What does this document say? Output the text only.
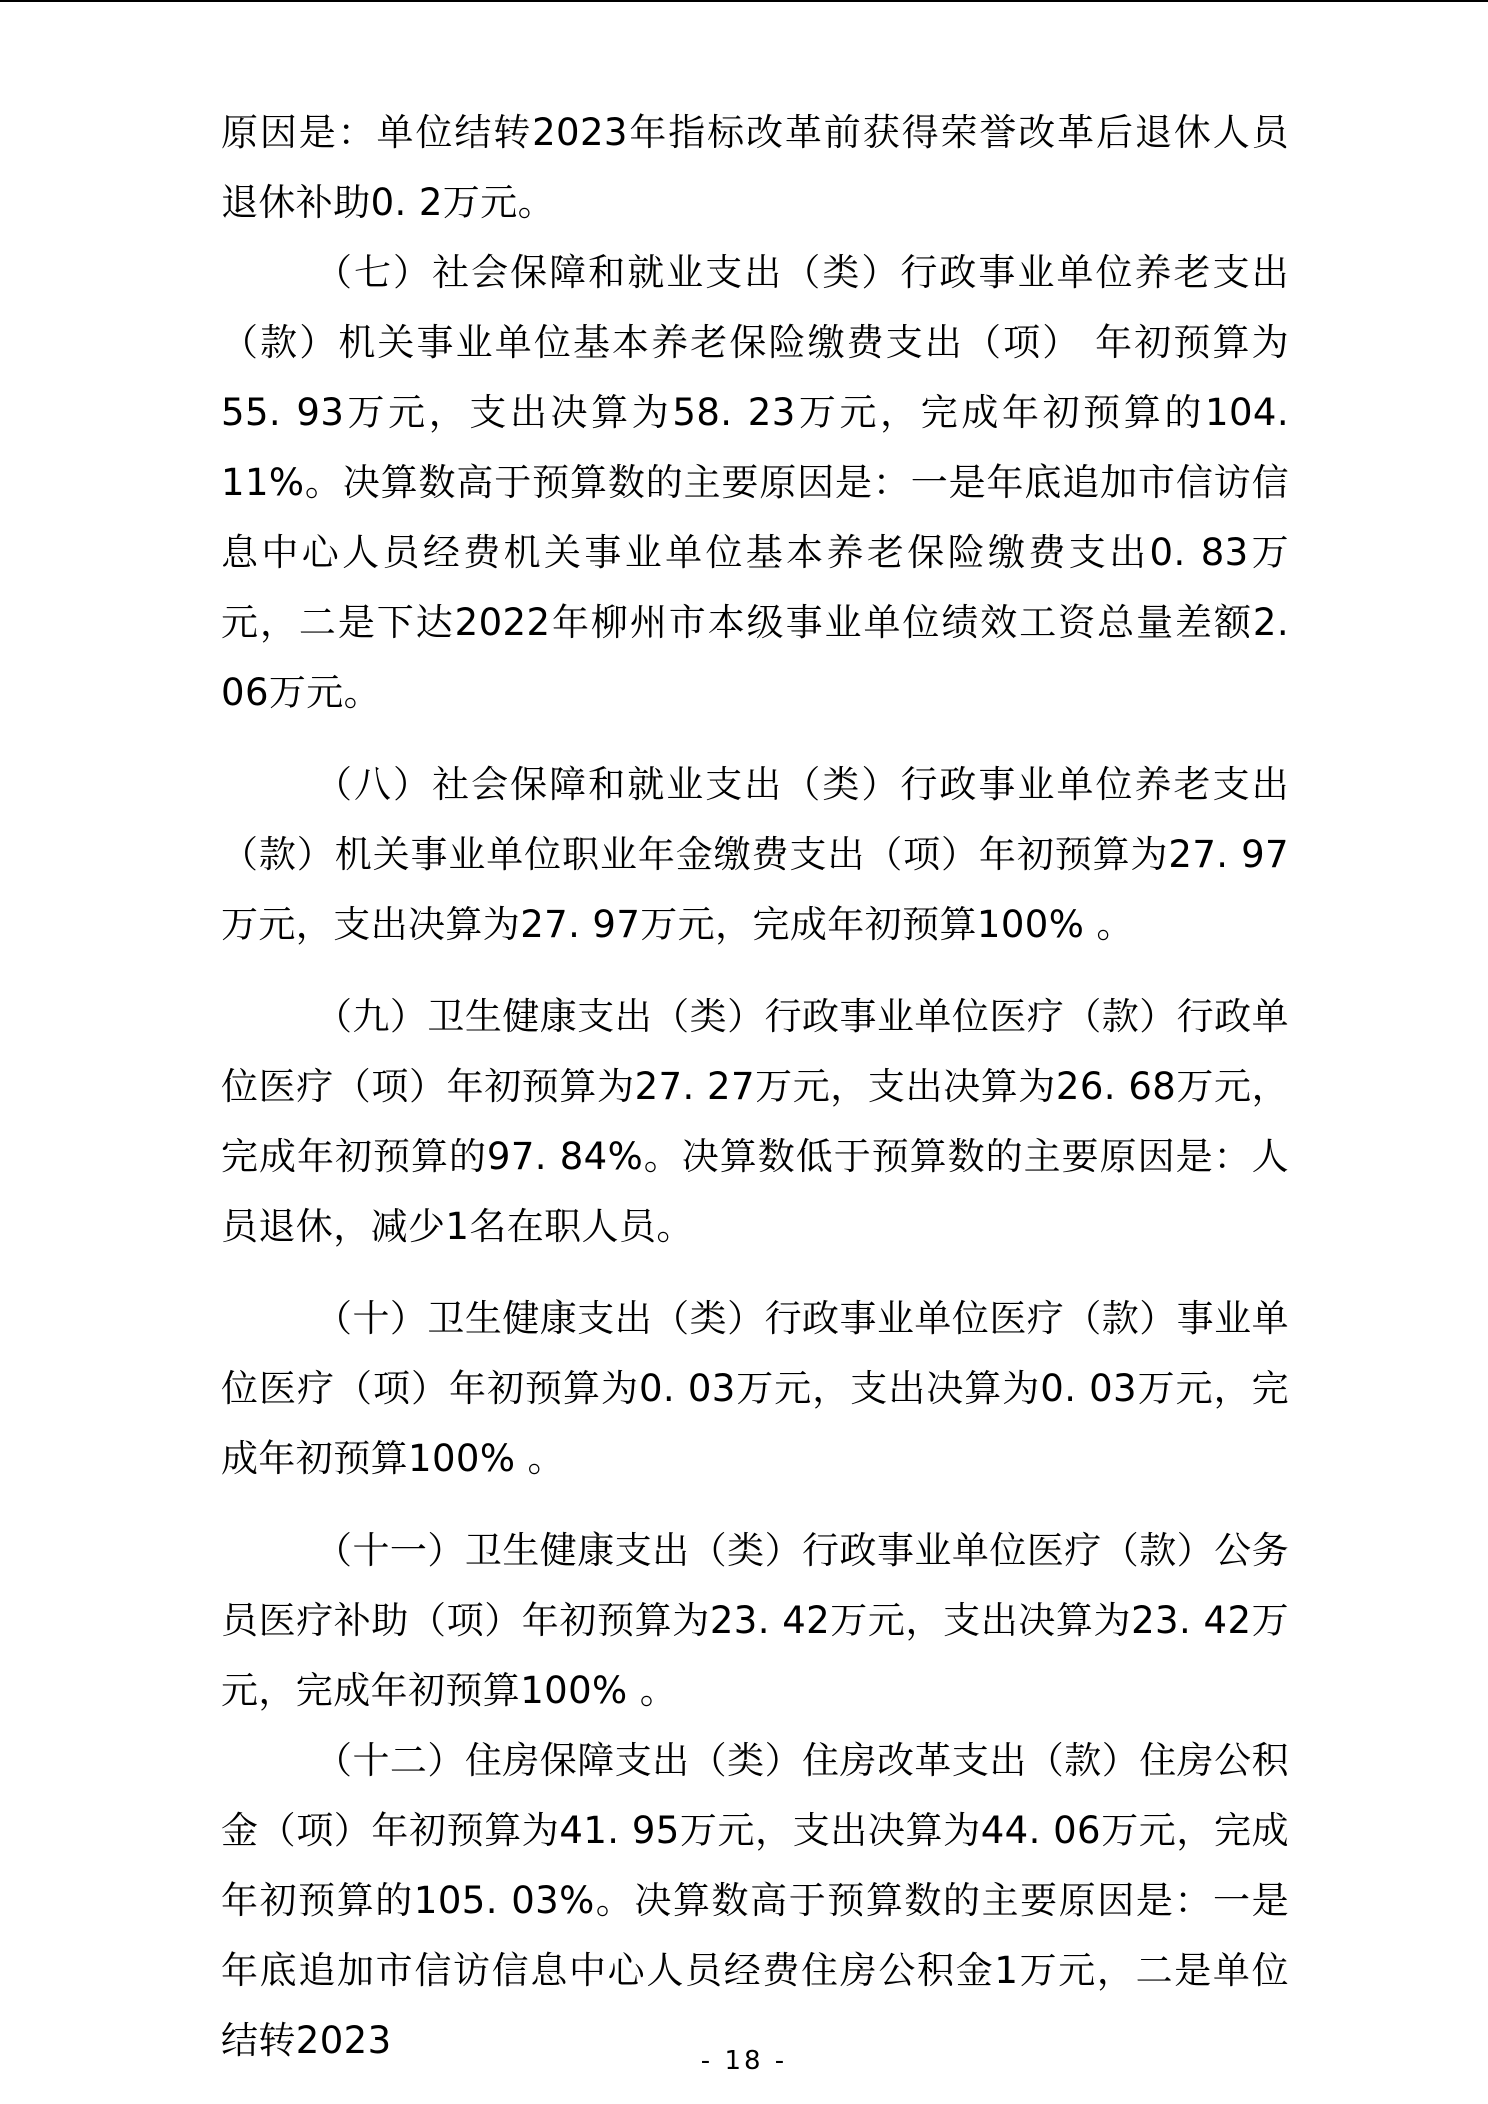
原因是：单位结转2023年指标改革前获得荣誉改革后退休人员退休补助0. 2万元。

（七）社会保障和就业支出（类）行政事业单位养老支出（款）机关事业单位基本养老保险缴费支出（项） 年初预算为55. 93万元，支出决算为58. 23万元，完成年初预算的104. 11%。决算数高于预算数的主要原因是：一是年底追加市信访信息中心人员经费机关事业单位基本养老保险缴费支出0. 83万元，二是下达2022年柳州市本级事业单位绩效工资总量差额2. 06万元。

（八）社会保障和就业支出（类）行政事业单位养老支出（款）机关事业单位职业年金缴费支出（项）年初预算为27. 97万元，支出决算为27. 97万元，完成年初预算100% 。

（九）卫生健康支出（类）行政事业单位医疗（款）行政单位医疗（项）年初预算为27. 27万元，支出决算为26. 68万元，完成年初预算的97. 84%。决算数低于预算数的主要原因是：人员退休，减少1名在职人员。

（十）卫生健康支出（类）行政事业单位医疗（款）事业单位医疗（项）年初预算为0. 03万元，支出决算为0. 03万元，完成年初预算100% 。

（十一）卫生健康支出（类）行政事业单位医疗（款）公务员医疗补助（项）年初预算为23. 42万元，支出决算为23. 42万元，完成年初预算100% 。

（十二）住房保障支出（类）住房改革支出（款）住房公积金（项）年初预算为41. 95万元，支出决算为44. 06万元，完成年初预算的105. 03%。决算数高于预算数的主要原因是：一是年底追加市信访信息中心人员经费住房公积金1万元，二是单位结转2023	- 18 -
